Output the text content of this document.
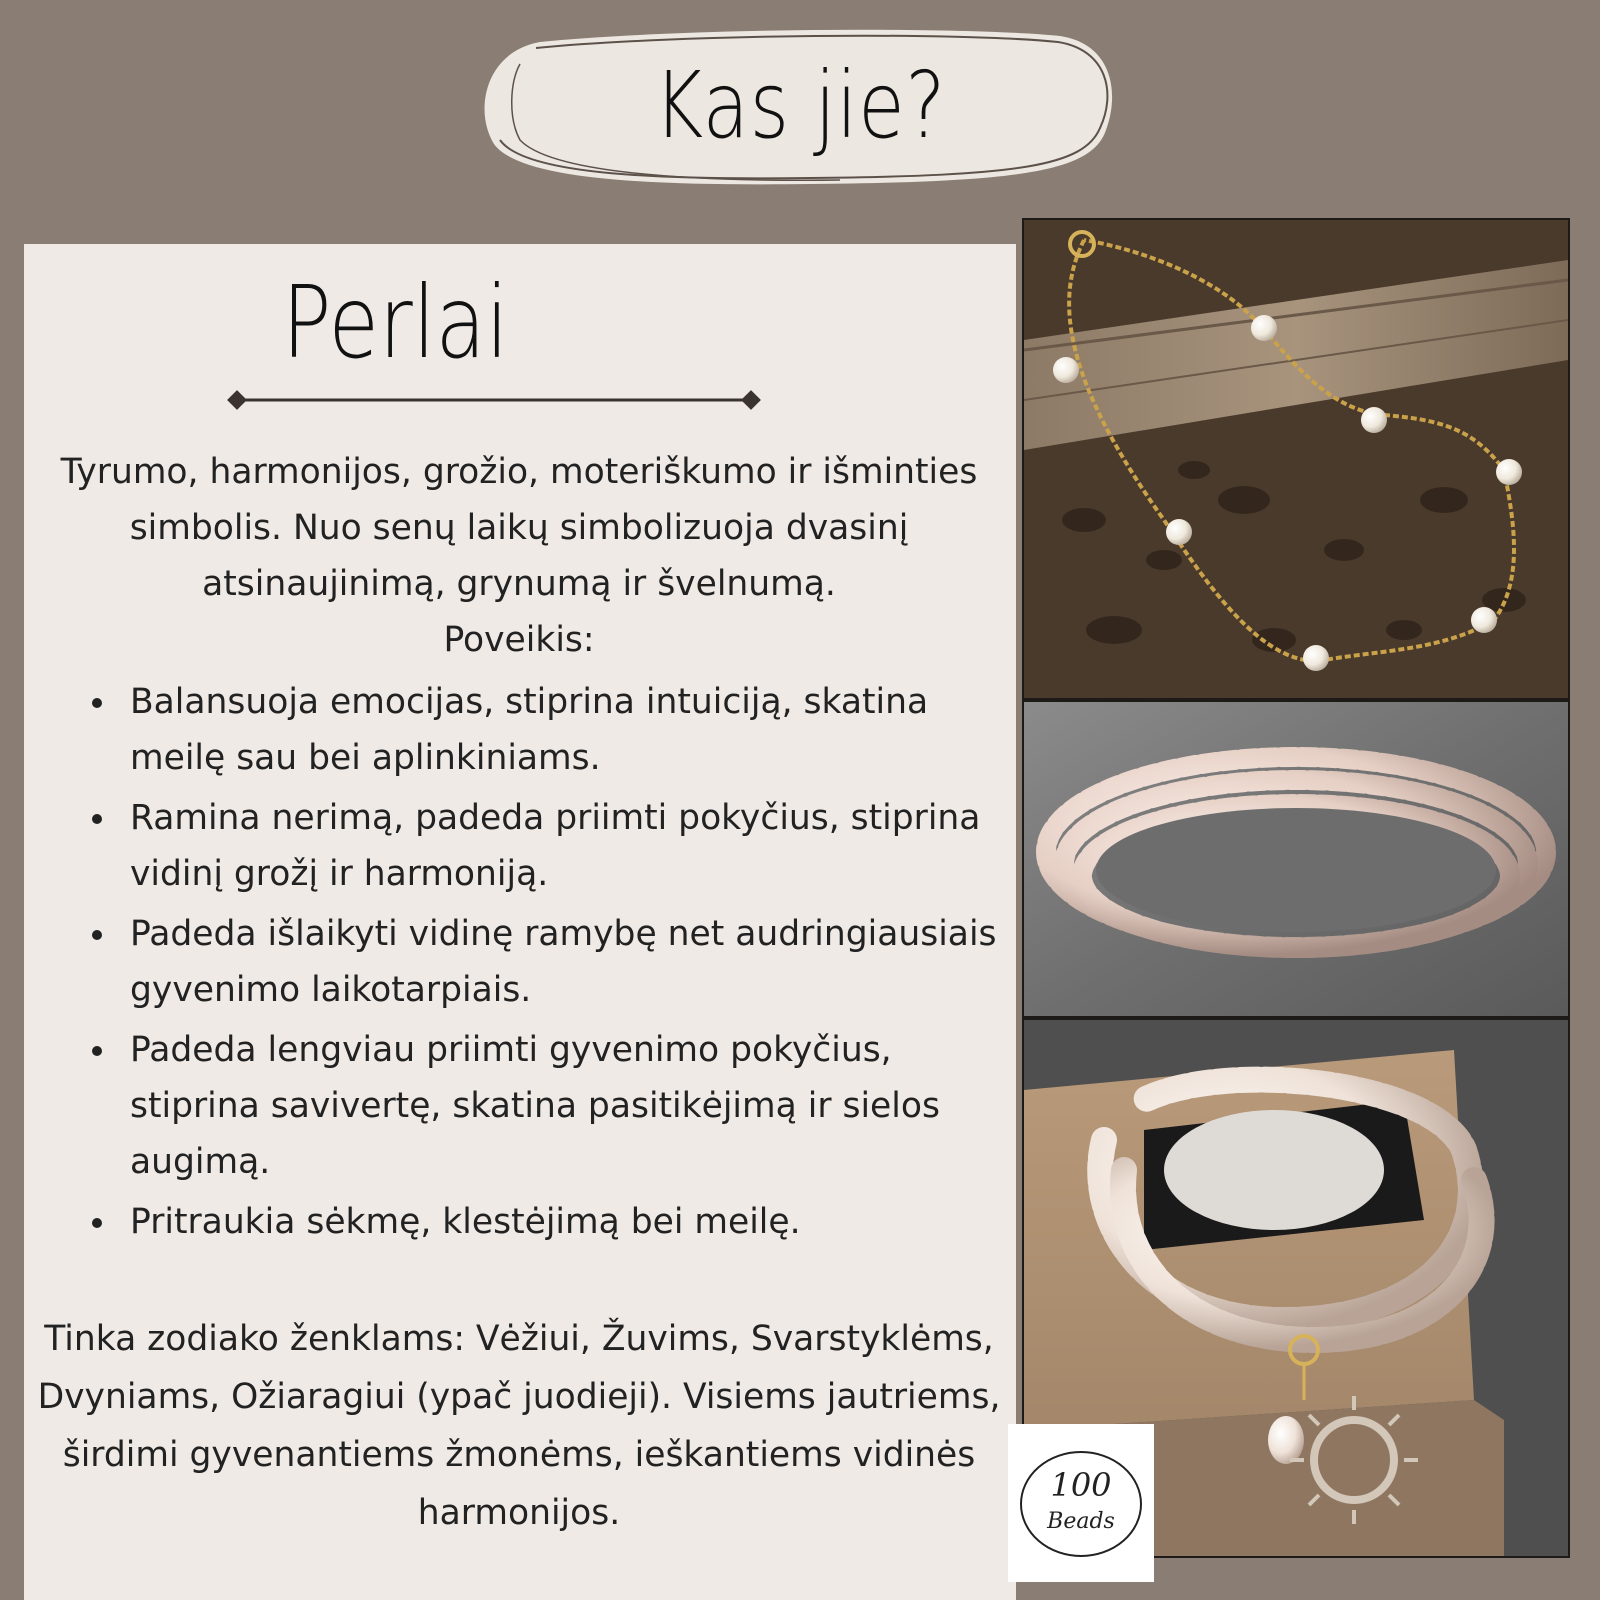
Kas jie?
Perlai
Tyrumo, harmonijos, grožio, moteriškumo ir išminties simbolis. Nuo senų laikų simbolizuoja dvasinį atsinaujinimą, grynumą ir švelnumą.
Poveikis:
Balansuoja emocijas, stiprina intuiciją, skatina meilę sau bei aplinkiniams.
Ramina nerimą, padeda priimti pokyčius, stiprina vidinį grožį ir harmoniją.
Padeda išlaikyti vidinę ramybę net audringiausiais gyvenimo laikotarpiais.
Padeda lengviau priimti gyvenimo pokyčius, stiprina savivertę, skatina pasitikėjimą ir sielos augimą.
Pritraukia sėkmę, klestėjimą bei meilę.
Tinka zodiako ženklams: Vėžiui, Žuvims, Svarstyklėms, Dvyniams, Ožiaragiui (ypač juodieji). Visiems jautriems, širdimi gyvenantiems žmonėms, ieškantiems vidinės harmonijos.
100
Beads
